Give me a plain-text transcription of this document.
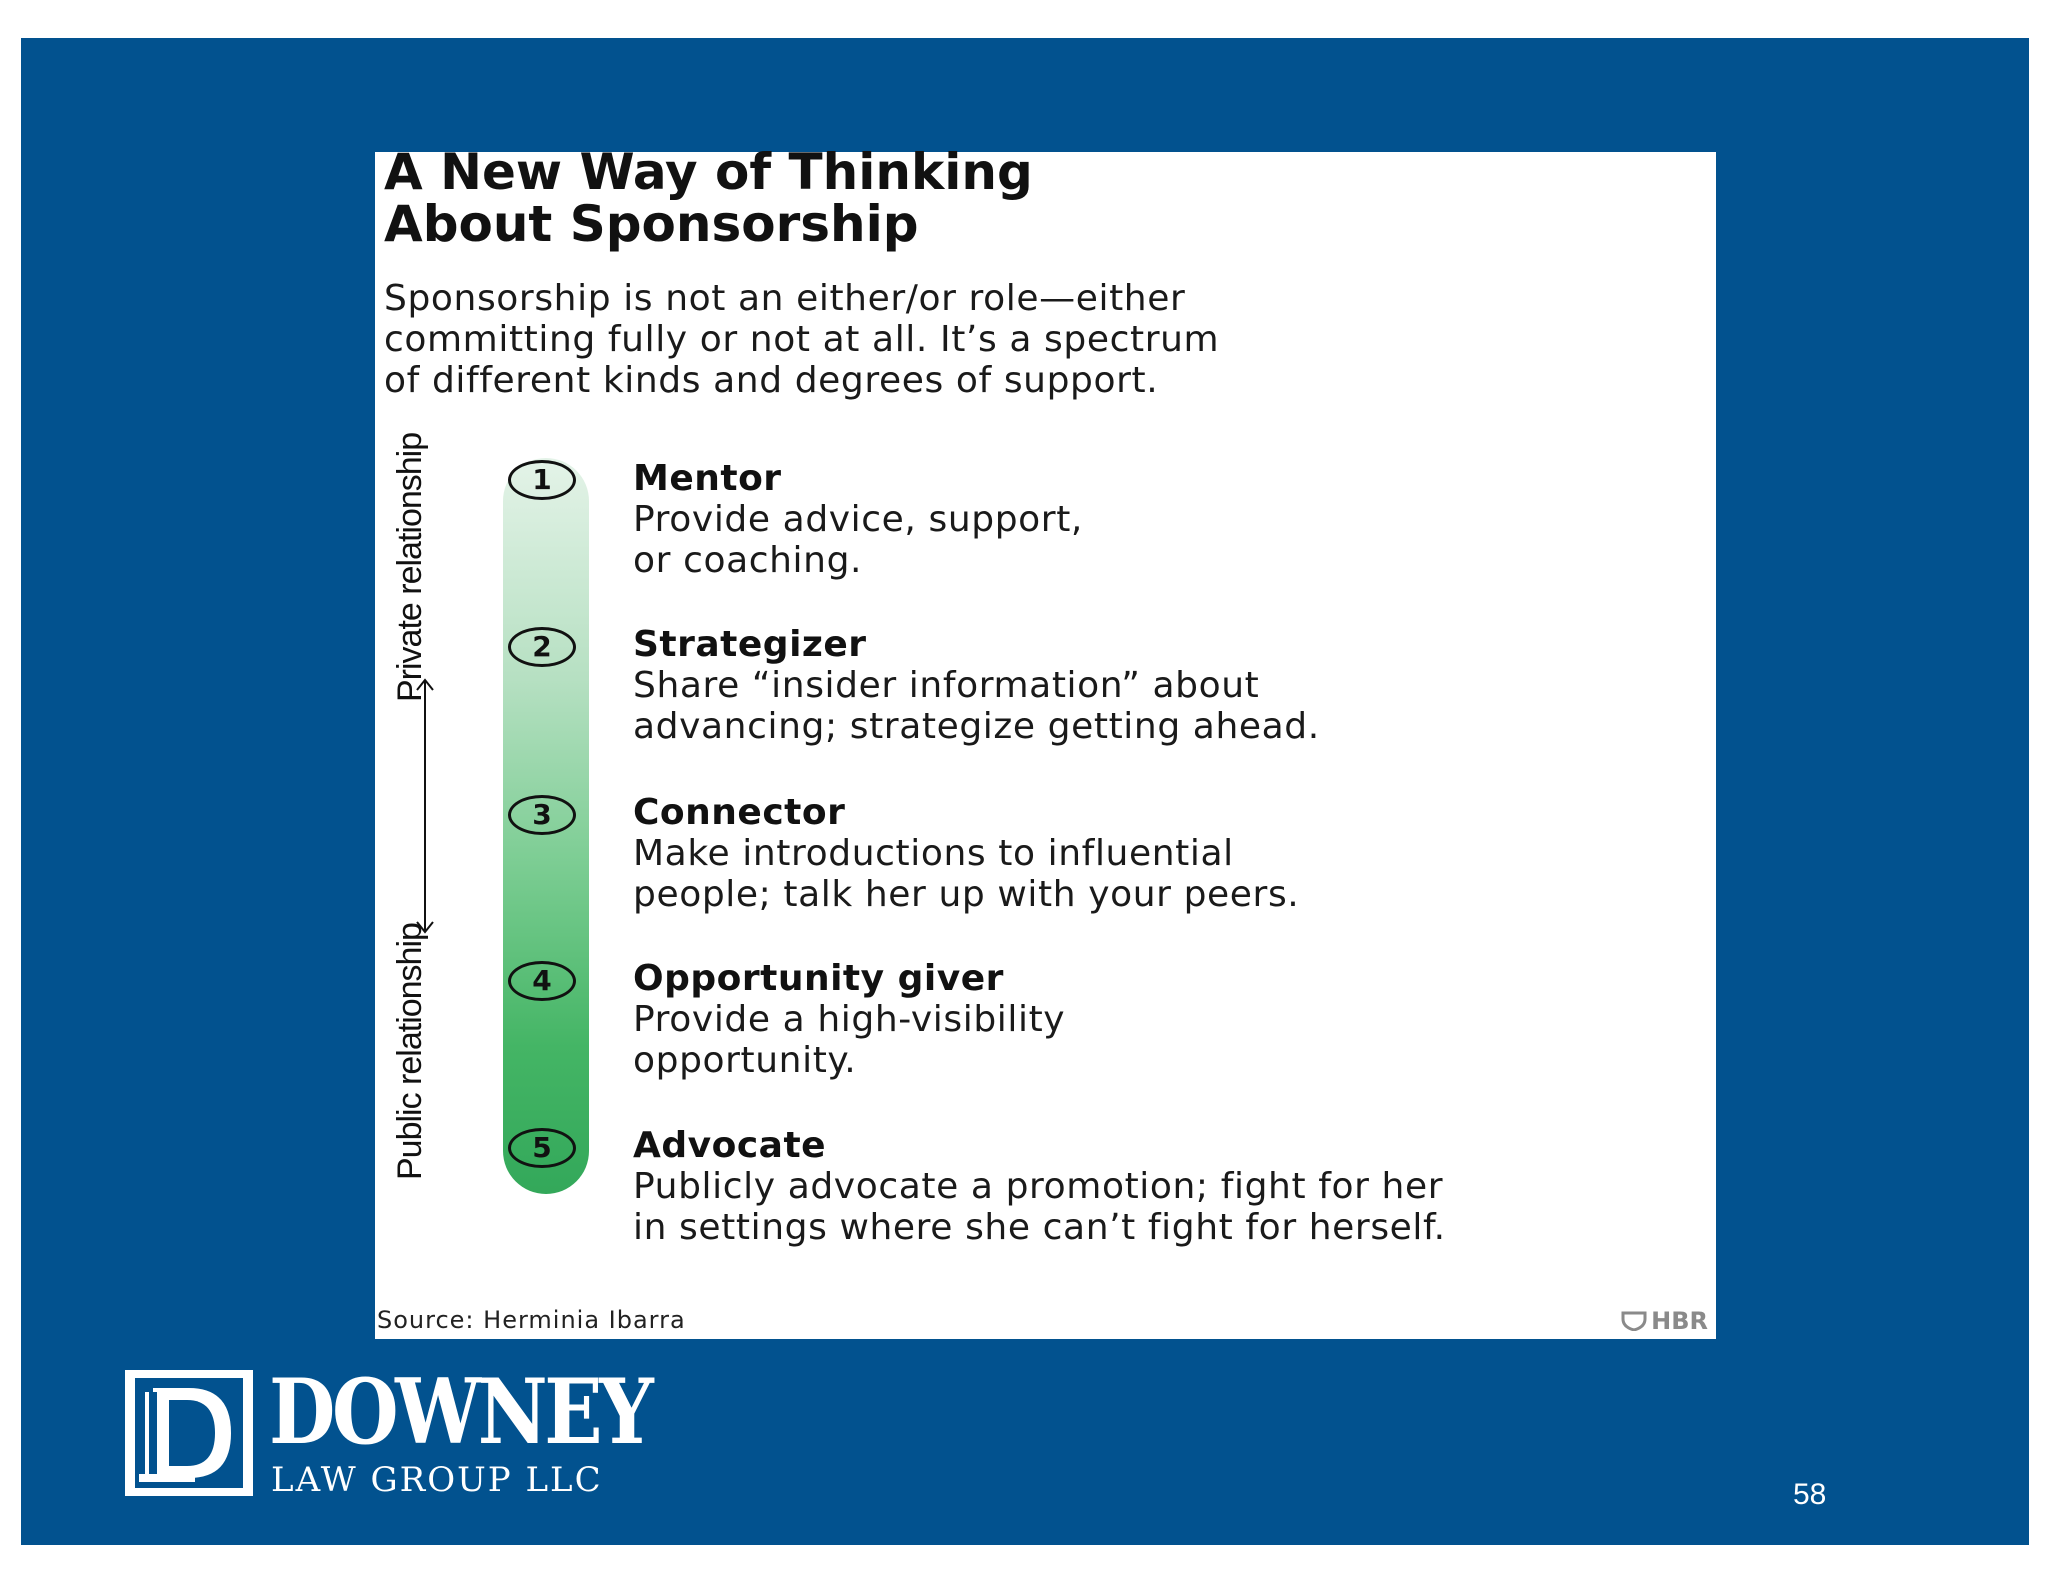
A New Way of Thinking
About Sponsorship

Sponsorship is not an either/or role—either
committing fully or not at all. It’s a spectrum
of different kinds and degrees of support.

Private relationship
Public relationship
1
2
3
4
5
Mentor
Provide advice, support,
or coaching.
Strategizer
Share “insider information” about
advancing; strategize getting ahead.
Connector
Make introductions to influential
people; talk her up with your peers.
Opportunity giver
Provide a high-visibility
opportunity.
Advocate
Publicly advocate a promotion; fight for her
in settings where she can’t fight for herself.
Source: Herminia Ibarra	HBR
DOWNEY
LAW GROUP LLC	58
